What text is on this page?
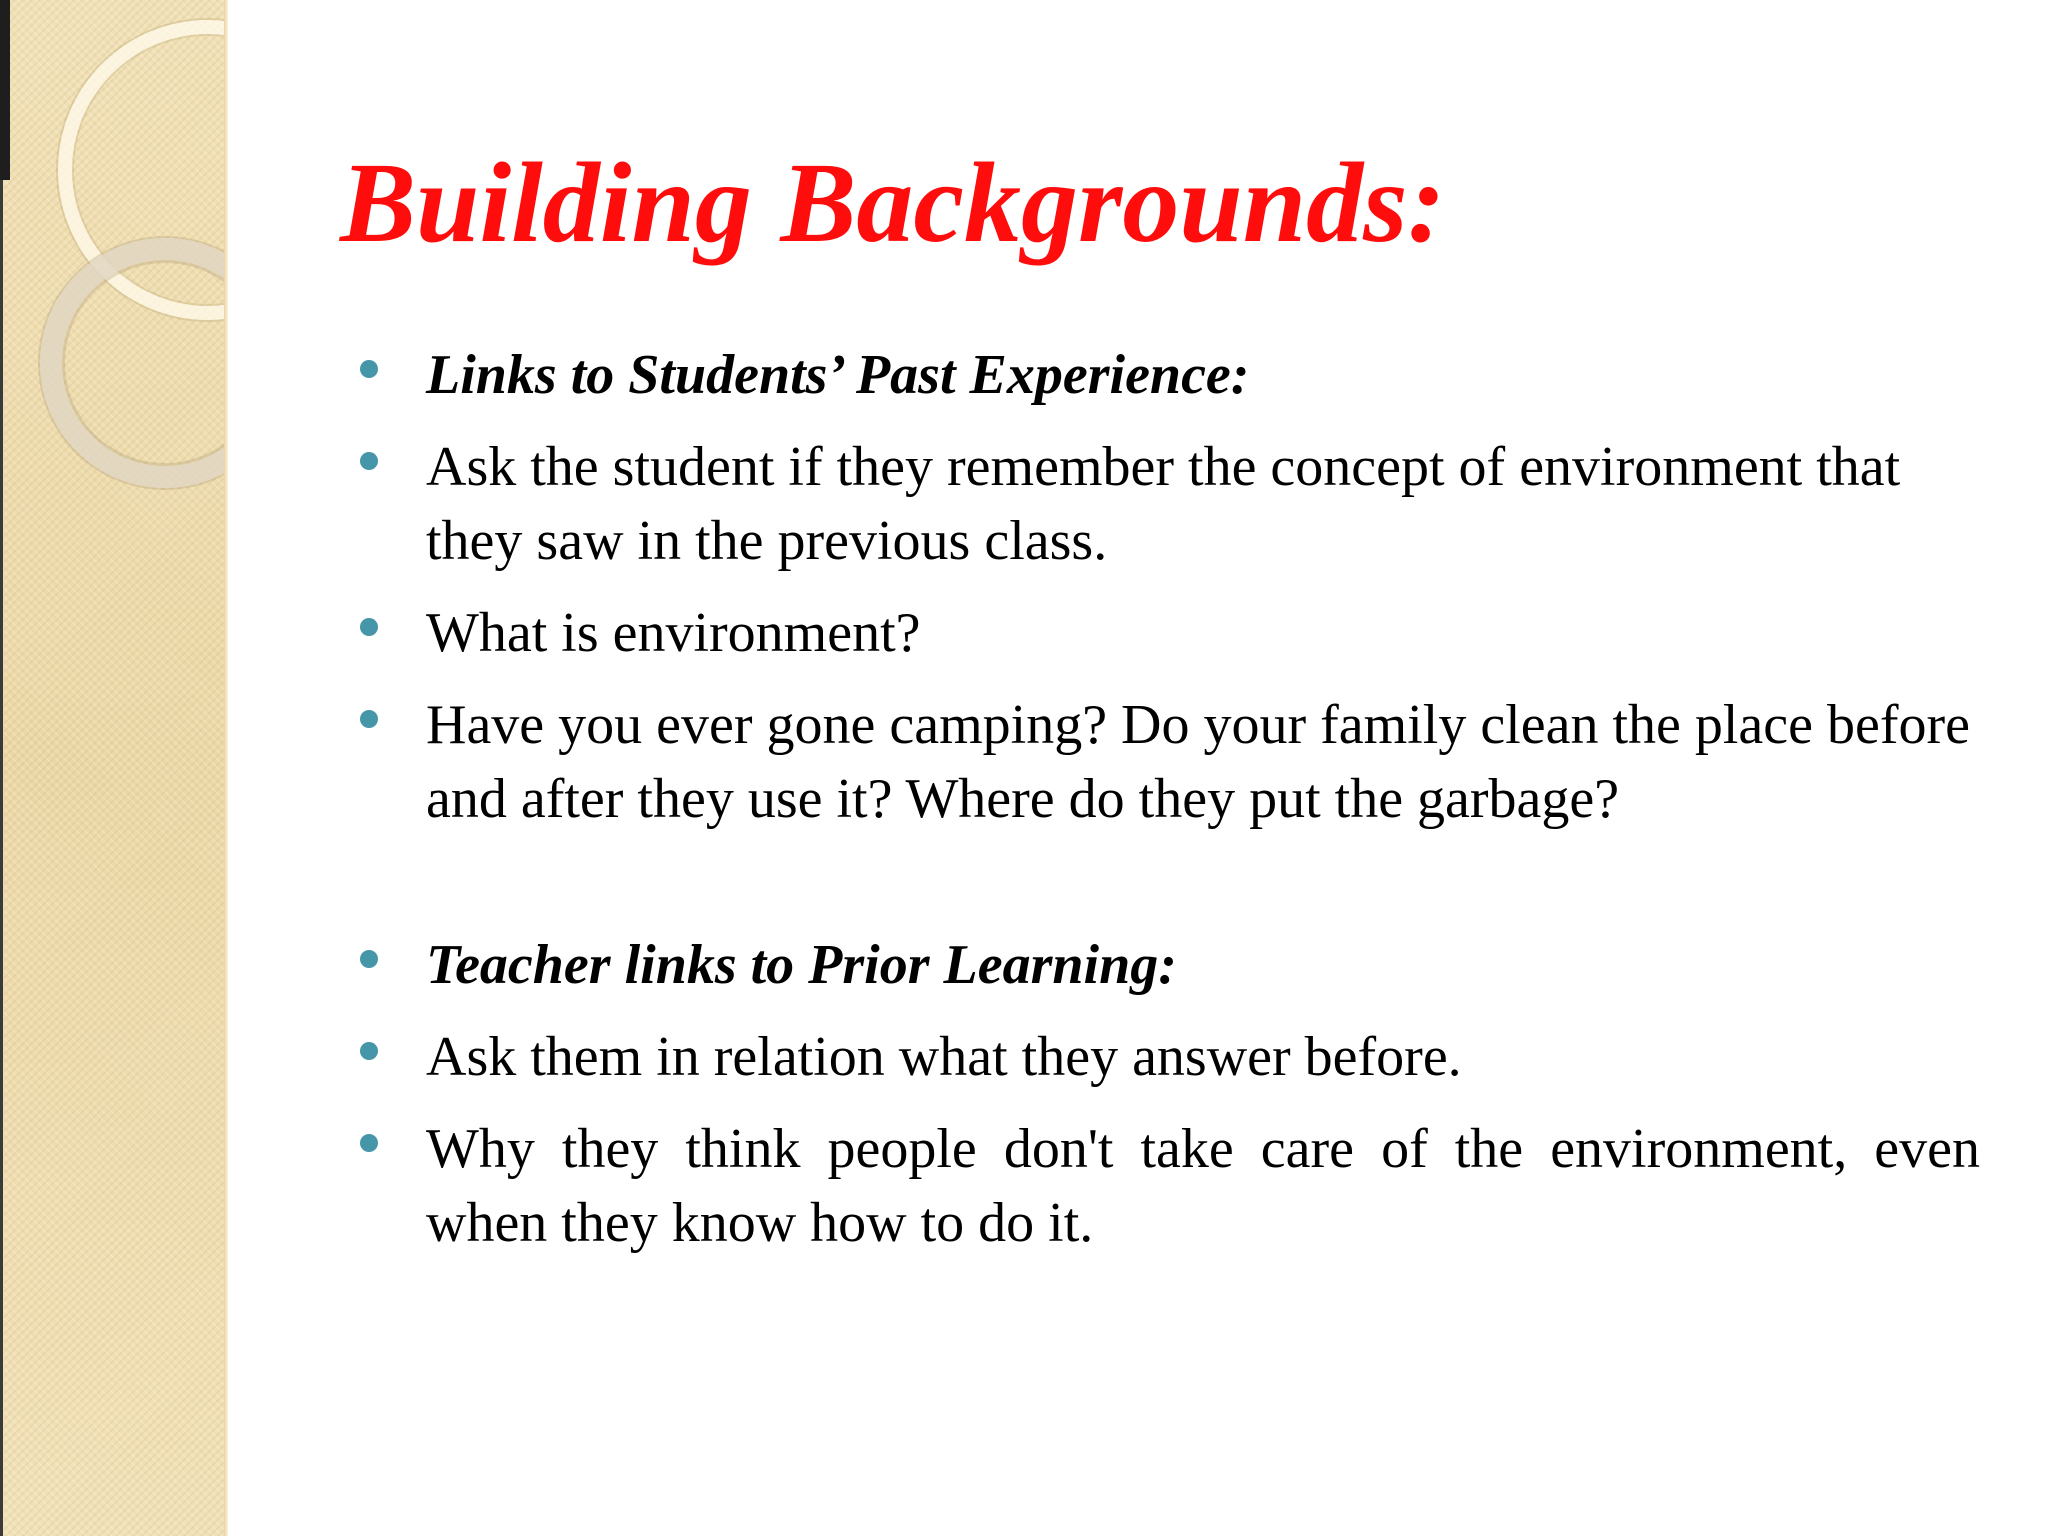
Building Backgrounds:
Links to Students’ Past Experience:
Ask the student if they remember the concept of environment that they saw in the previous class.
What is environment?
Have you ever gone camping? Do your family clean the place before and after they use it? Where do they put the garbage?
Teacher links to Prior Learning:
Ask them in relation what they answer before.
Why they think people don't take care of the environment, even when they know how to do it.
